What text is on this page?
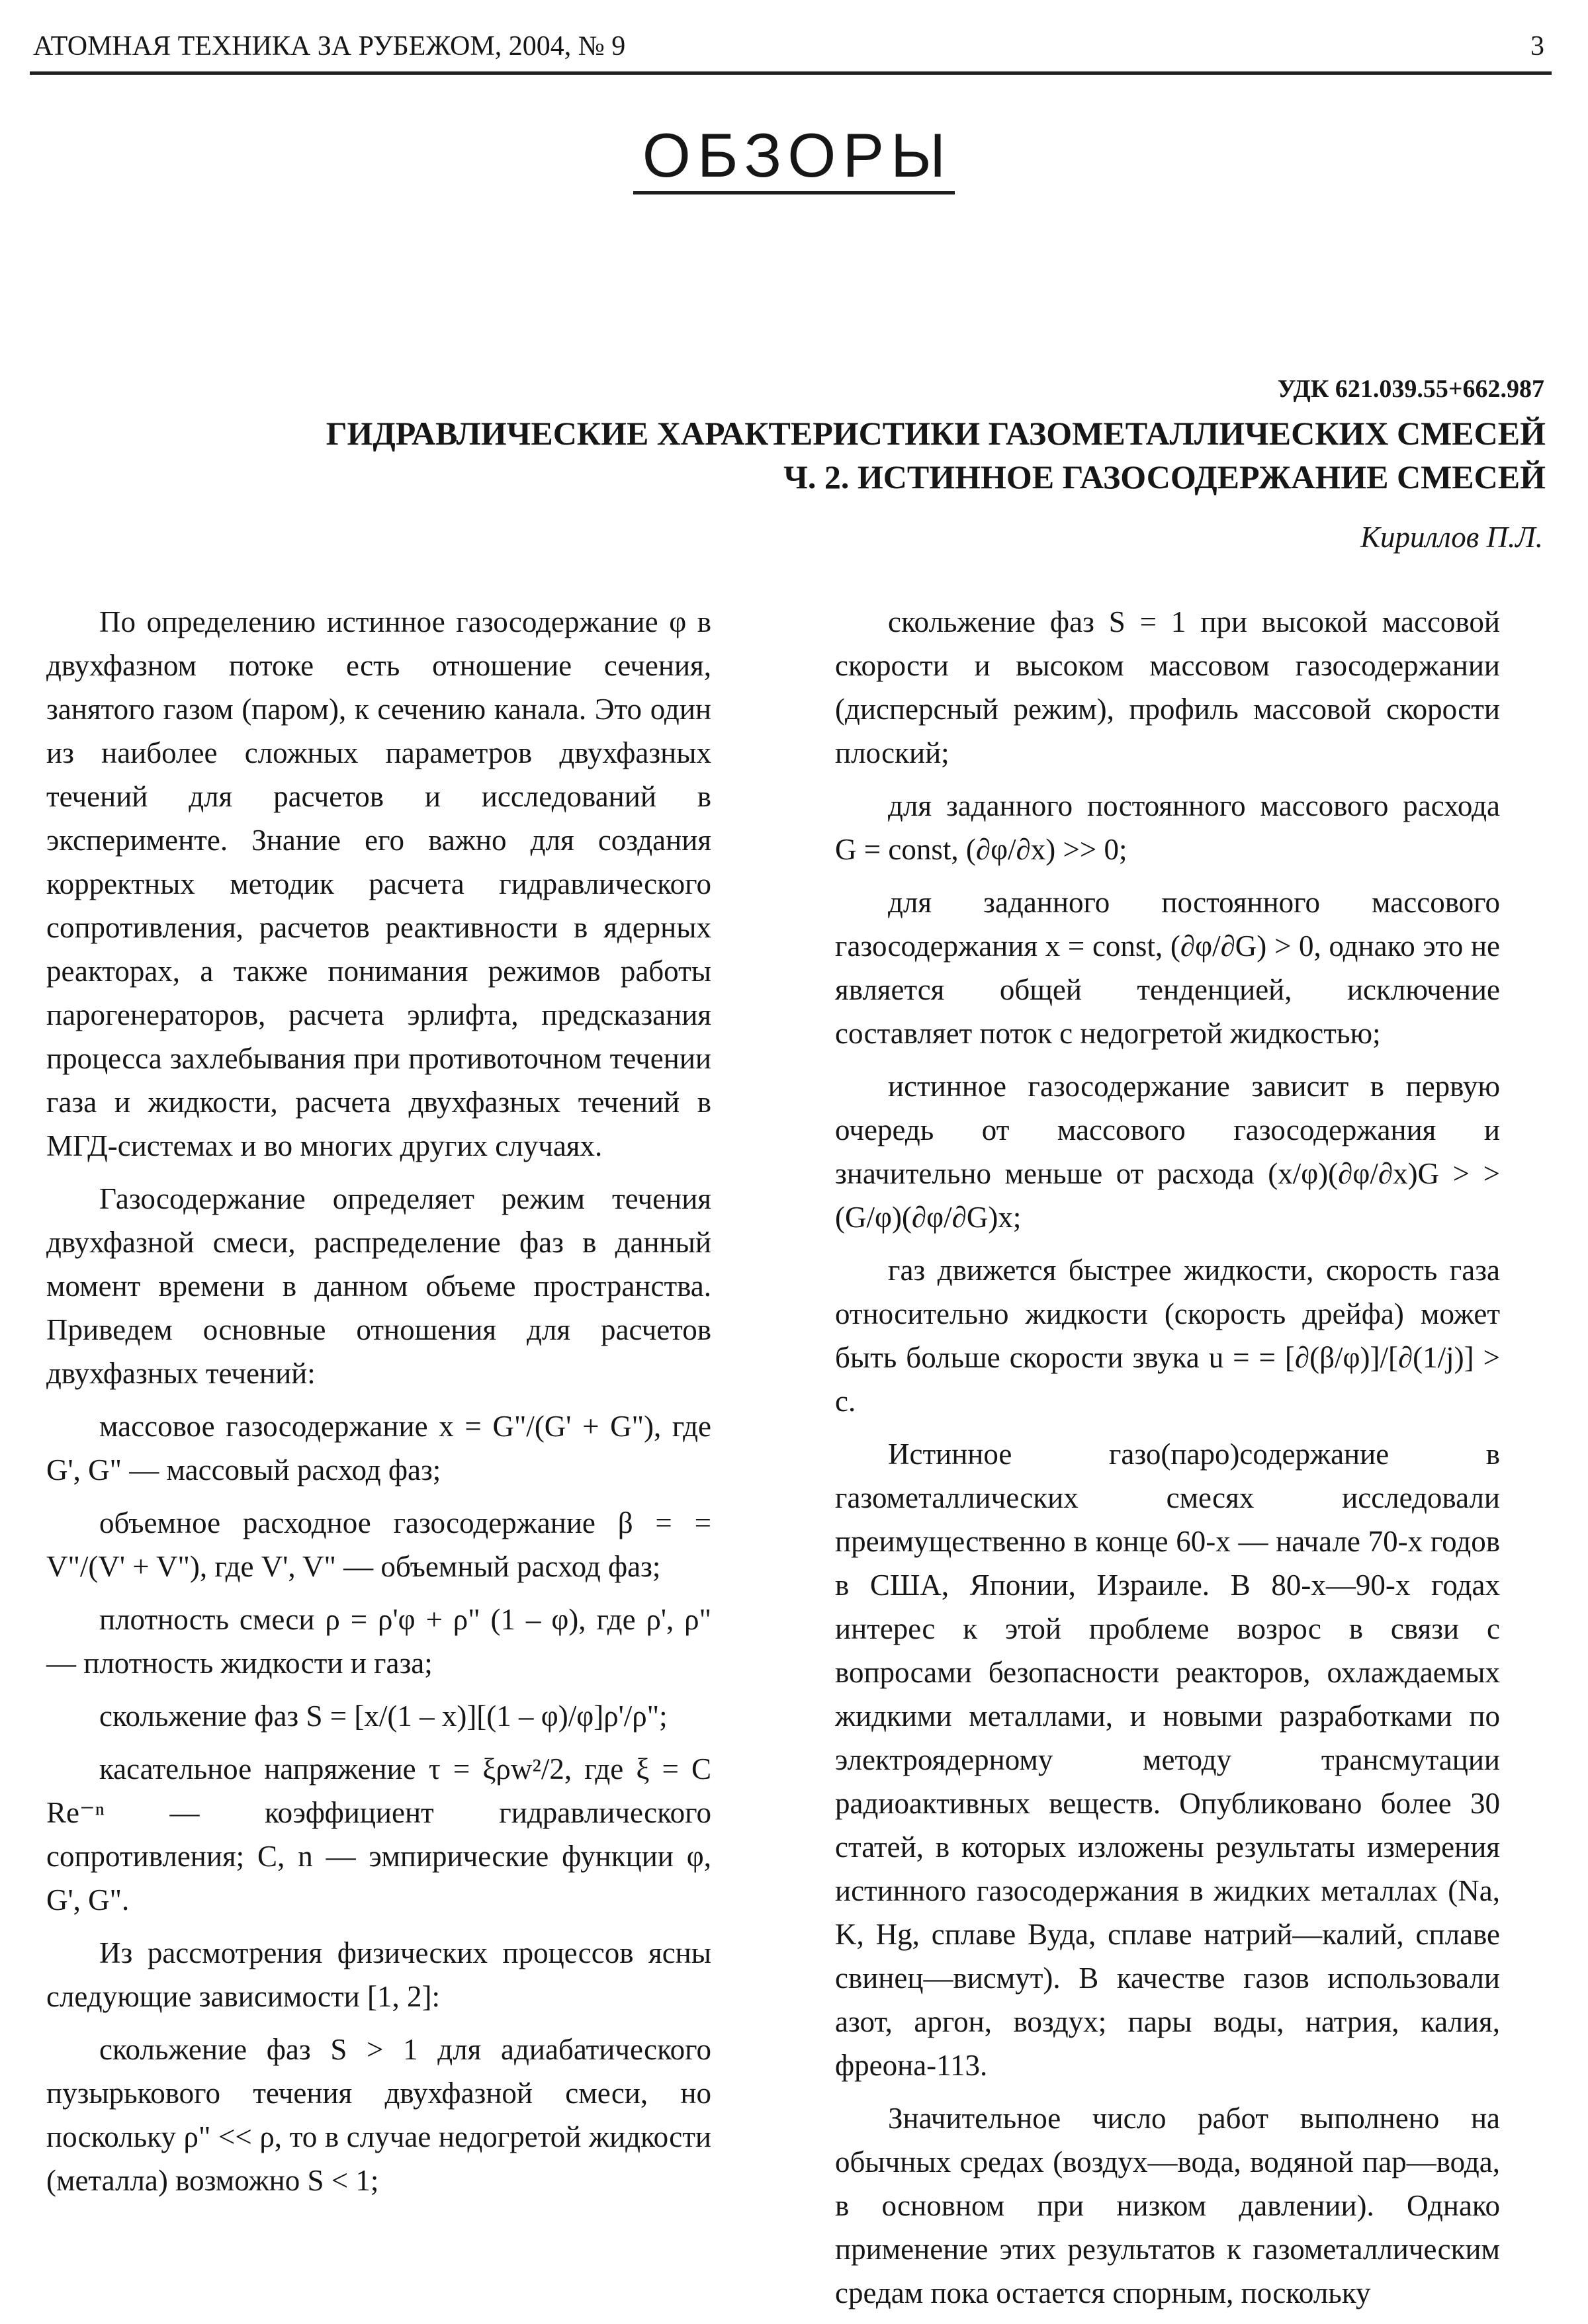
АТОМНАЯ ТЕХНИКА ЗА РУБЕЖОМ, 2004, № 9	3
ОБЗОРЫ
УДК 621.039.55+662.987
ГИДРАВЛИЧЕСКИЕ ХАРАКТЕРИСТИКИ ГАЗОМЕТАЛЛИЧЕСКИХ СМЕСЕЙ
Ч. 2. ИСТИННОЕ ГАЗОСОДЕРЖАНИЕ СМЕСЕЙ
Кириллов П.Л.

По определению истинное газосодержание φ в двухфазном потоке есть отношение сечения, занятого газом (паром), к сечению канала. Это один из наиболее сложных параметров двухфазных течений для расчетов и исследований в эксперименте. Знание его важно для создания корректных методик расчета гидравлического сопротивления, расчетов реактивности в ядерных реакторах, а также понимания режимов работы парогенераторов, расчета эрлифта, предсказания процесса захлебывания при противоточном течении газа и жидкости, расчета двухфазных течений в МГД-системах и во многих других случаях.

Газосодержание определяет режим течения двухфазной смеси, распределение фаз в данный момент времени в данном объеме пространства. Приведем основные отношения для расчетов двухфазных течений:

массовое газосодержание x = G"/(G' + G"), где G', G" — массовый расход фаз;

объемное расходное газосодержание β = = V"/(V' + V"), где V', V" — объемный расход фаз;

плотность смеси ρ = ρ'φ + ρ" (1 – φ), где ρ', ρ" — плотность жидкости и газа;

скольжение фаз S = [x/(1 – x)][(1 – φ)/φ]ρ'/ρ";

касательное напряжение τ = ξρw²/2, где ξ = C Re⁻ⁿ — коэффициент гидравлического сопротивления; C, n — эмпирические функции φ, G', G".

Из рассмотрения физических процессов ясны следующие зависимости [1, 2]:

скольжение фаз S > 1 для адиабатического пузырькового течения двухфазной смеси, но поскольку ρ" << ρ, то в случае недогретой жидкости (металла) возможно S < 1;

скольжение фаз S = 1 при высокой массовой скорости и высоком массовом газосодержании (дисперсный режим), профиль массовой скорости плоский;

для заданного постоянного массового расхода G = const, (∂φ/∂x) >> 0;

для заданного постоянного массового газосодержания x = const, (∂φ/∂G) > 0, однако это не является общей тенденцией, исключение составляет поток с недогретой жидкостью;

истинное газосодержание зависит в первую очередь от массового газосодержания и значительно меньше от расхода (x/φ)(∂φ/∂x)G > > (G/φ)(∂φ/∂G)x;

газ движется быстрее жидкости, скорость газа относительно жидкости (скорость дрейфа) может быть больше скорости звука u = = [∂(β/φ)]/[∂(1/j)] > c.

Истинное газо(паро)содержание в газометаллических смесях исследовали преимущественно в конце 60-х — начале 70-х годов в США, Японии, Израиле. В 80-х—90-х годах интерес к этой проблеме возрос в связи с вопросами безопасности реакторов, охлаждаемых жидкими металлами, и новыми разработками по электроядерному методу трансмутации радиоактивных веществ. Опубликовано более 30 статей, в которых изложены результаты измерения истинного газосодержания в жидких металлах (Na, K, Hg, сплаве Вуда, сплаве натрий—калий, сплаве свинец—висмут). В качестве газов использовали азот, аргон, воздух; пары воды, натрия, калия, фреона-113.

Значительное число работ выполнено на обычных средах (воздух—вода, водяной пар—вода, в основном при низком давлении). Однако применение этих результатов к газометаллическим средам пока остается спорным, поскольку
